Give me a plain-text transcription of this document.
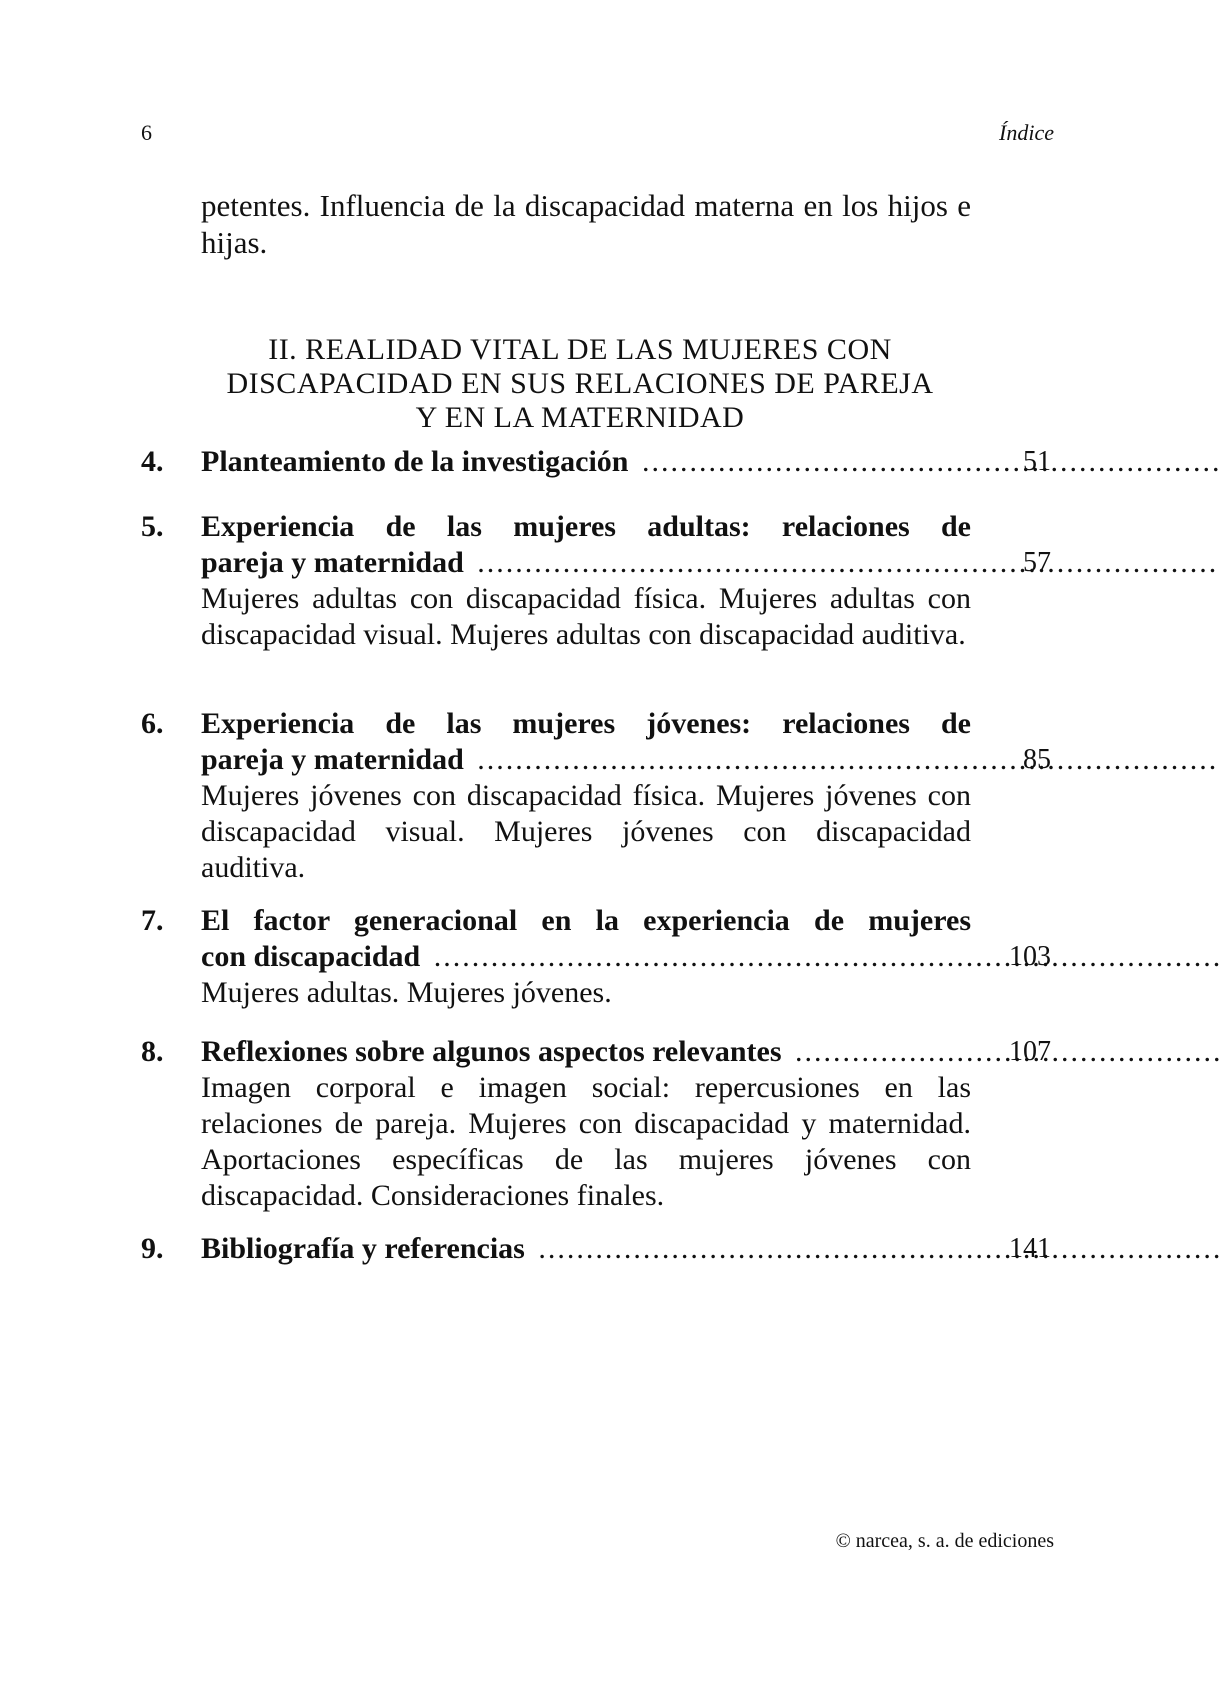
6	Índice
petentes. Influencia de la discapacidad materna en los hijos e hijas.
II. REALIDAD VITAL DE LAS MUJERES CON
DISCAPACIDAD EN SUS RELACIONES DE PAREJA
Y EN LA MATERNIDAD
4. Planteamiento de la investigación .....	51
5. Experiencia de las mujeres adultas: relaciones de
pareja y maternidad .....	57
Mujeres adultas con discapacidad física. Mujeres adultas con discapacidad visual. Mujeres adultas con discapacidad auditiva.
6. Experiencia de las mujeres jóvenes: relaciones de
pareja y maternidad .....	85
Mujeres jóvenes con discapacidad física. Mujeres jóvenes con discapacidad visual. Mujeres jóvenes con discapacidad auditiva.
7. El factor generacional en la experiencia de mujeres
con discapacidad .....	103
Mujeres adultas. Mujeres jóvenes.
8. Reflexiones sobre algunos aspectos relevantes .....	107
Imagen corporal e imagen social: repercusiones en las relaciones de pareja. Mujeres con discapacidad y maternidad. Aportaciones específicas de las mujeres jóvenes con discapacidad. Consideraciones finales.
9. Bibliografía y referencias .....	141
© narcea, s. a. de ediciones
